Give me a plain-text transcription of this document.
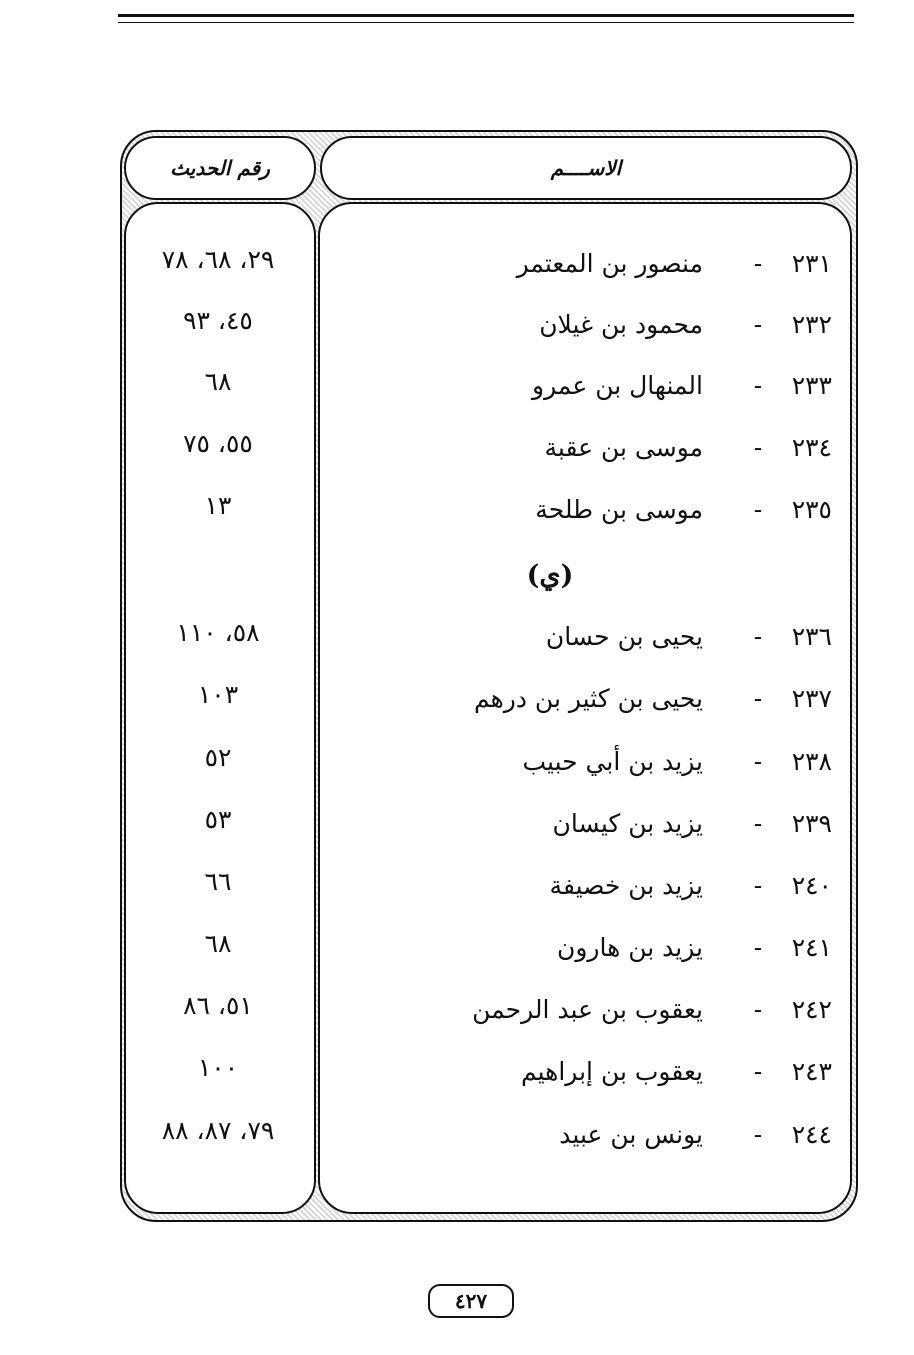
الاســــم
رقم الحديث
٢٣١
-
منصور بن المعتمر
٢٩، ٦٨، ٧٨
٢٣٢
-
محمود بن غيلان
٤٥، ٩٣
٢٣٣
-
المنهال بن عمرو
٦٨
٢٣٤
-
موسى بن عقبة
٥٥، ٧٥
٢٣٥
-
موسى بن طلحة
١٣
(ي)
٢٣٦
-
يحيى بن حسان
٥٨، ١١٠
٢٣٧
-
يحيى بن كثير بن درهم
١٠٣
٢٣٨
-
يزيد بن أبي حبيب
٥٢
٢٣٩
-
يزيد بن كيسان
٥٣
٢٤٠
-
يزيد بن خصيفة
٦٦
٢٤١
-
يزيد بن هارون
٦٨
٢٤٢
-
يعقوب بن عبد الرحمن
٥١، ٨٦
٢٤٣
-
يعقوب بن إبراهيم
١٠٠
٢٤٤
-
يونس بن عبيد
٧٩، ٨٧، ٨٨
٤٢٧
